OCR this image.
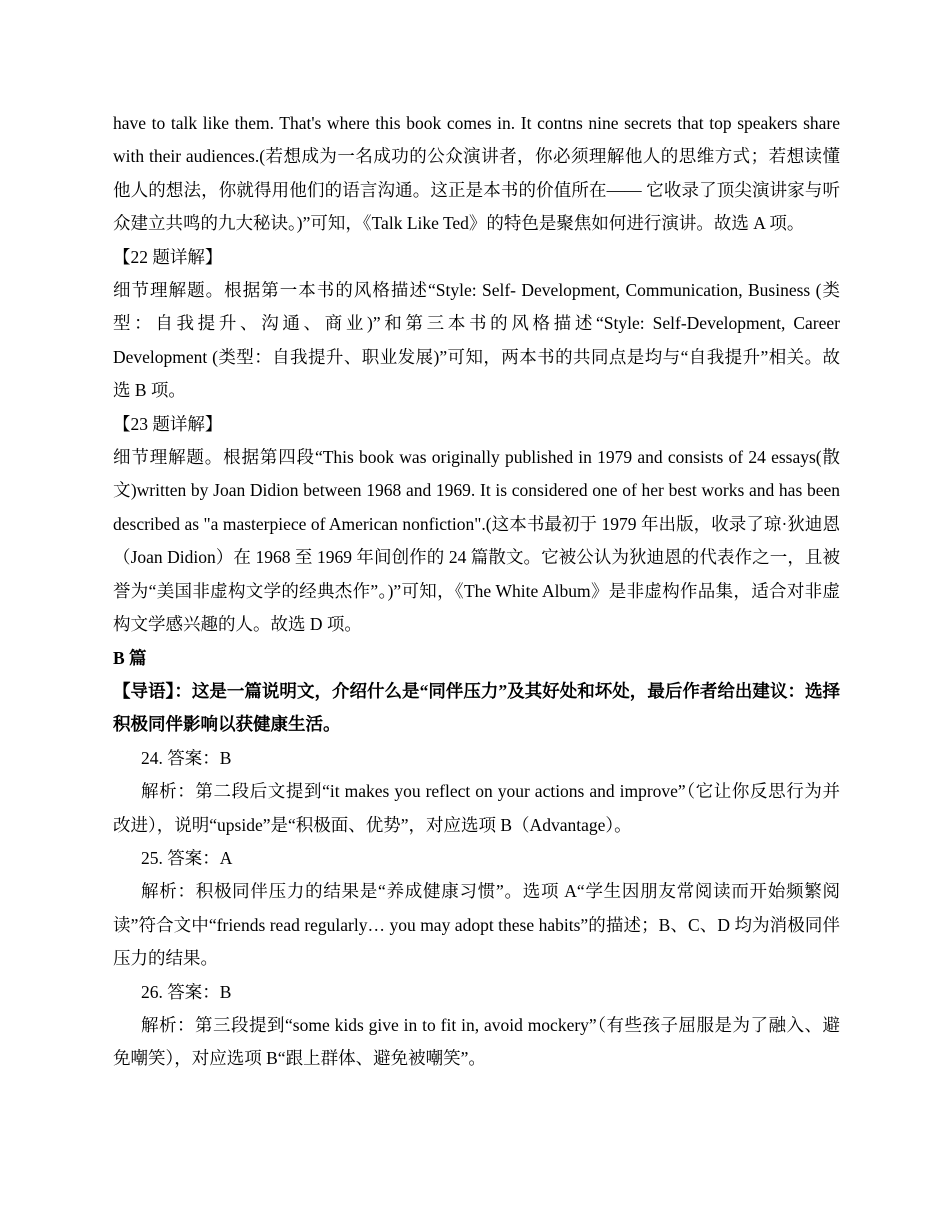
have to talk like them. That's where this book comes in. It contns nine secrets that top speakers share with their audiences.(若想成为一名成功的公众演讲者，你必须理解他人的思维方式；若想读懂他人的想法，你就得用他们的语言沟通。这正是本书的价值所在—— 它收录了顶尖演讲家与听众建立共鸣的九大秘诀。)”可知，《Talk Like Ted》的特色是聚焦如何进行演讲。故选 A 项。

【22 题详解】

细节理解题。根据第一本书的风格描述“Style: Self- Development, Communication, Business (类型：自我提升、沟通、商业)”和第三本书的风格描述“Style: Self-Development, Career Development (类型：自我提升、职业发展)”可知，两本书的共同点是均与“自我提升”相关。故选 B 项。

【23 题详解】

细节理解题。根据第四段“This book was originally published in 1979 and consists of 24 essays(散文)written by Joan Didion between 1968 and 1969. It is considered one of her best works and has been described as "a masterpiece of American nonfiction".(这本书最初于 1979 年出版，收录了琼·狄迪恩（Joan Didion）在 1968 至 1969 年间创作的 24 篇散文。它被公认为狄迪恩的代表作之一，且被誉为“美国非虚构文学的经典杰作”。)”可知，《The White Album》是非虚构作品集，适合对非虚构文学感兴趣的人。故选 D 项。

B 篇

【导语】：这是一篇说明文，介绍什么是“同伴压力”及其好处和坏处，最后作者给出建议：选择积极同伴影响以获健康生活。

24. 答案：B

解析：第二段后文提到“it makes you reflect on your actions and improve”（它让你反思行为并改进），说明“upside”是“积极面、优势”，对应选项 B（Advantage）。

25. 答案：A

解析：积极同伴压力的结果是“养成健康习惯”。选项 A“学生因朋友常阅读而开始频繁阅读”符合文中“friends read regularly… you may adopt these habits”的描述；B、C、D 均为消极同伴压力的结果。

26. 答案：B

解析：第三段提到“some kids give in to fit in, avoid mockery”（有些孩子屈服是为了融入、避免嘲笑），对应选项 B“跟上群体、避免被嘲笑”。
